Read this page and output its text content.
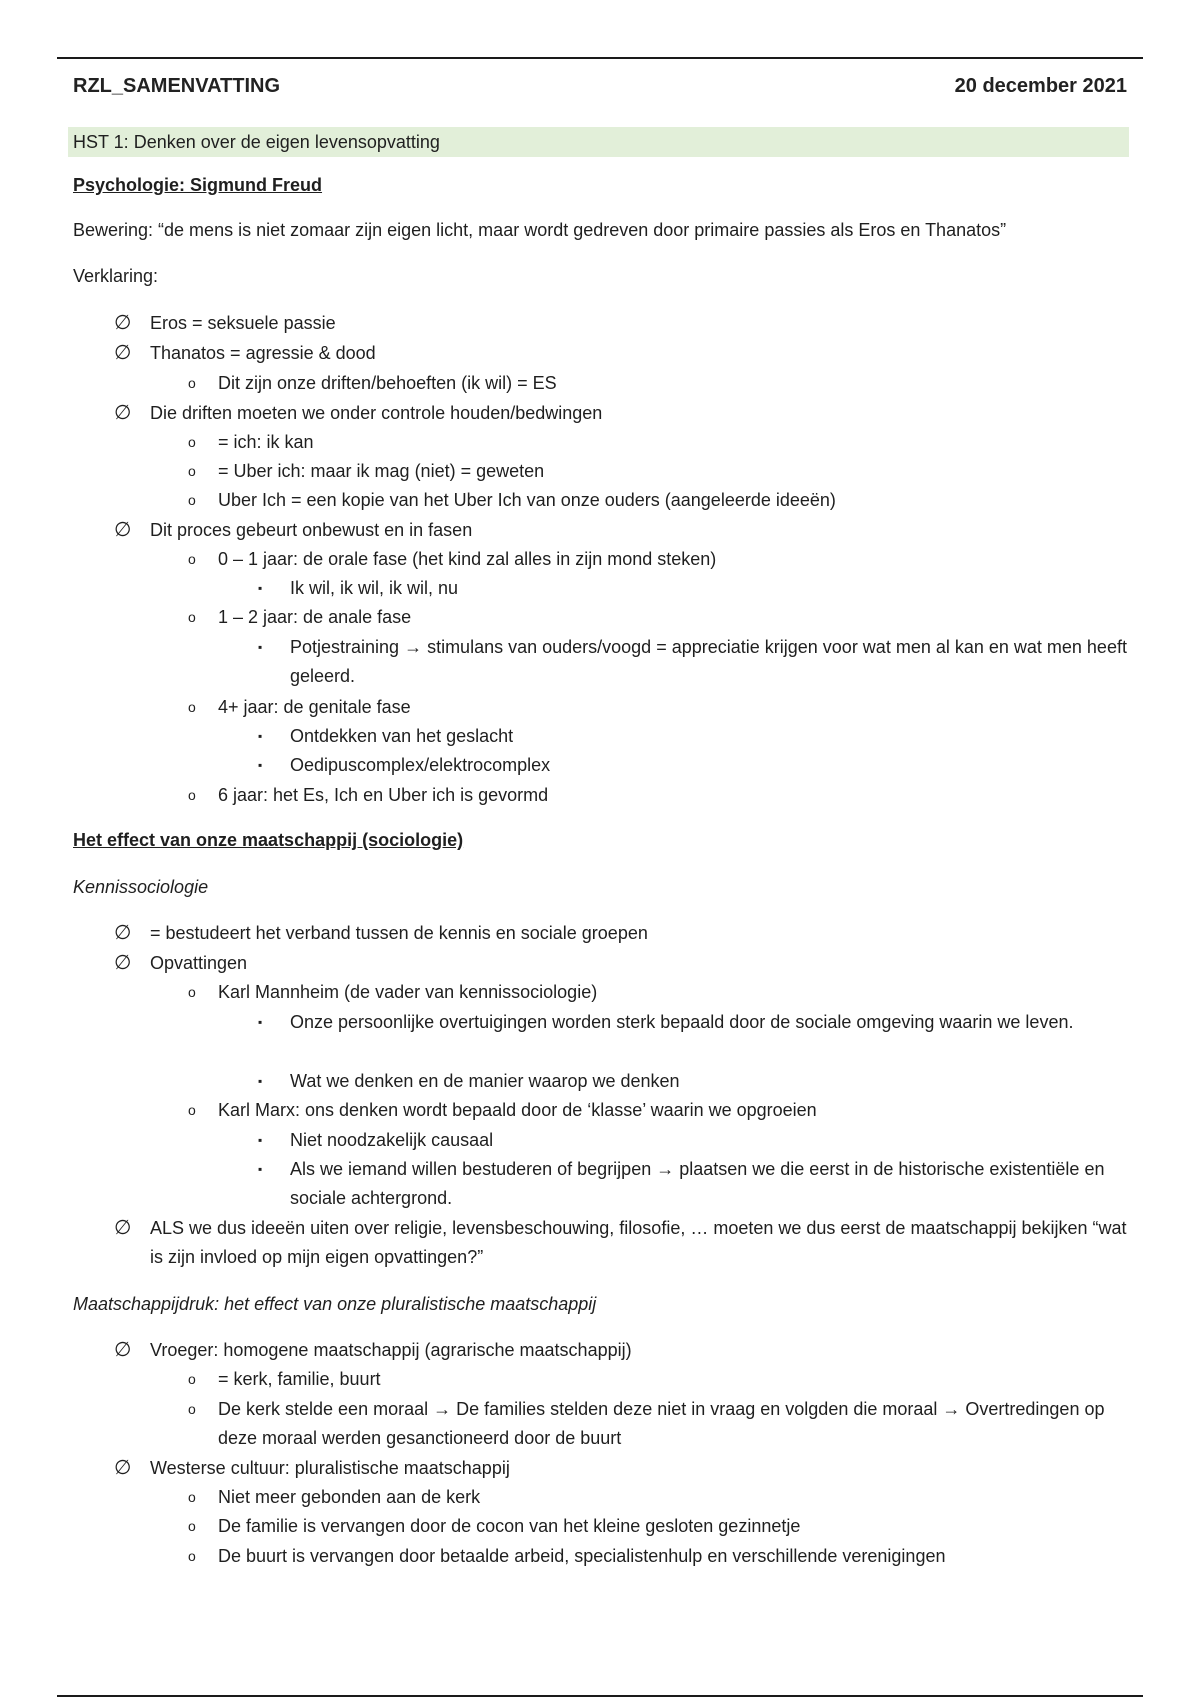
RZL_SAMENVATTING	20 december 2021
HST 1: Denken over de eigen levensopvatting
Psychologie: Sigmund Freud
Bewering: “de mens is niet zomaar zijn eigen licht, maar wordt gedreven door primaire passies als Eros en Thanatos”
Verklaring:
∅ Eros = seksuele passie
∅ Thanatos = agressie & dood
o Dit zijn onze driften/behoeften (ik wil) = ES
∅ Die driften moeten we onder controle houden/bedwingen
o = ich: ik kan
o = Uber ich: maar ik mag (niet) = geweten
o Uber Ich = een kopie van het Uber Ich van onze ouders (aangeleerde ideeën)
∅ Dit proces gebeurt onbewust en in fasen
o 0 – 1 jaar: de orale fase (het kind zal alles in zijn mond steken)
▪ Ik wil, ik wil, ik wil, nu
o 1 – 2 jaar: de anale fase
▪ Potjestraining → stimulans van ouders/voogd = appreciatie krijgen voor wat men al kan en wat men heeft geleerd.
o 4+ jaar: de genitale fase
▪ Ontdekken van het geslacht
▪ Oedipuscomplex/elektrocomplex
o 6 jaar: het Es, Ich en Uber ich is gevormd
Het effect van onze maatschappij (sociologie)
Kennissociologie
∅ = bestudeert het verband tussen de kennis en sociale groepen
∅ Opvattingen
o Karl Mannheim (de vader van kennissociologie)
▪ Onze persoonlijke overtuigingen worden sterk bepaald door de sociale omgeving waarin we leven.
▪ Wat we denken en de manier waarop we denken
o Karl Marx: ons denken wordt bepaald door de ‘klasse’ waarin we opgroeien
▪ Niet noodzakelijk causaal
▪ Als we iemand willen bestuderen of begrijpen → plaatsen we die eerst in de historische existentiële en sociale achtergrond.
∅ ALS we dus ideeën uiten over religie, levensbeschouwing, filosofie, … moeten we dus eerst de maatschappij bekijken “wat is zijn invloed op mijn eigen opvattingen?”
Maatschappijdruk: het effect van onze pluralistische maatschappij
∅ Vroeger: homogene maatschappij (agrarische maatschappij)
o = kerk, familie, buurt
o De kerk stelde een moraal → De families stelden deze niet in vraag en volgden die moraal → Overtredingen op deze moraal werden gesanctioneerd door de buurt
∅ Westerse cultuur: pluralistische maatschappij
o Niet meer gebonden aan de kerk
o De familie is vervangen door de cocon van het kleine gesloten gezinnetje
o De buurt is vervangen door betaalde arbeid, specialistenhulp en verschillende verenigingen
